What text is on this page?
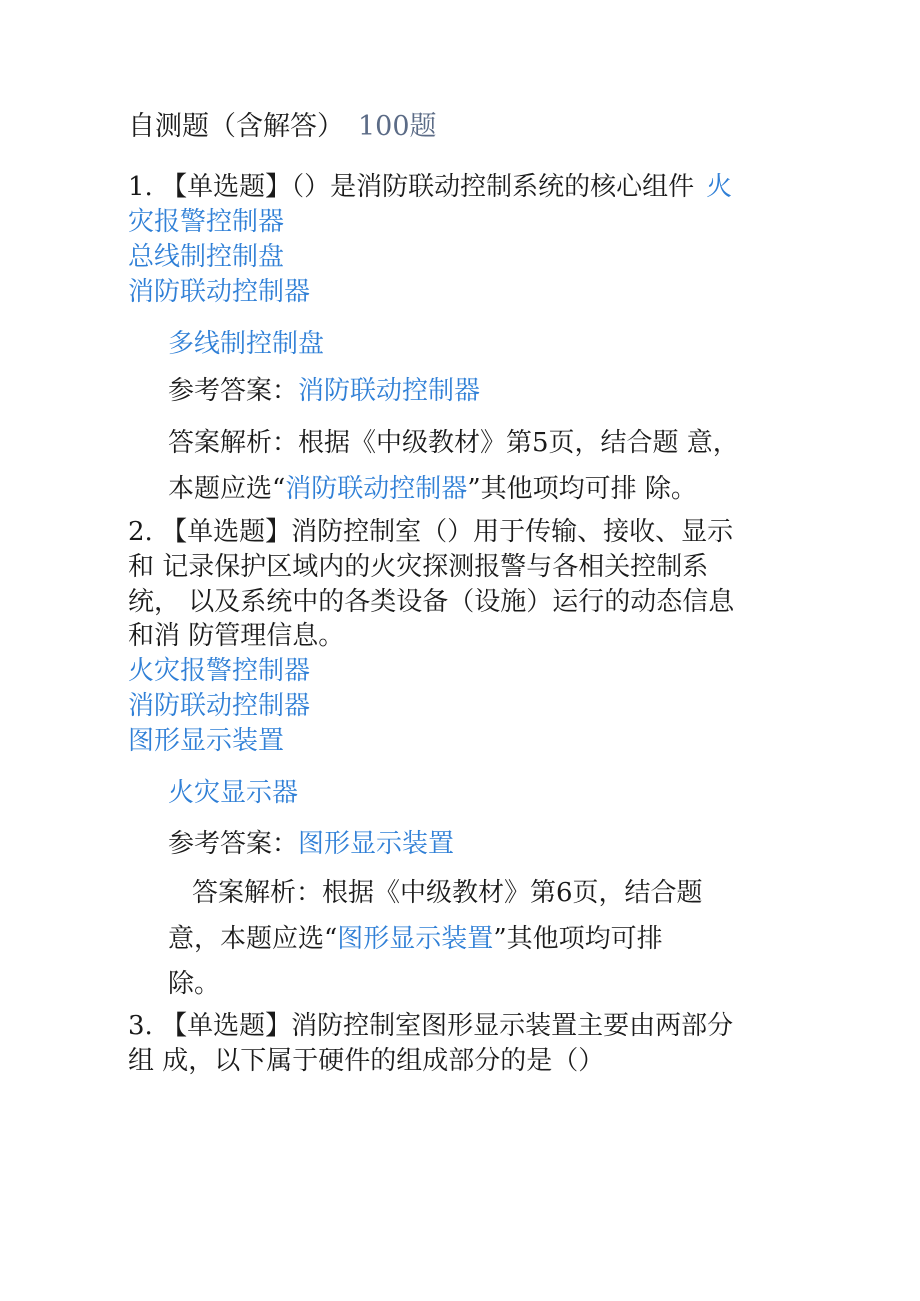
自测题（含解答） 100题
1. 【单选题】（）是消防联动控制系统的核心组件 火
灾报警控制器
总线制控制盘
消防联动控制器
多线制控制盘
参考答案：消防联动控制器
答案解析：根据《中级教材》第5页，结合题 意，
本题应选“消防联动控制器”其他项均可排 除。
2. 【单选题】消防控制室（）用于传输、接收、显示
和 记录保护区域内的火灾探测报警与各相关控制系
统， 以及系统中的各类设备（设施）运行的动态信息
和消 防管理信息。
火灾报警控制器
消防联动控制器
图形显示装置
火灾显示器
参考答案：图形显示装置
答案解析：根据《中级教材》第6页，结合题
意，本题应选“图形显示装置”其他项均可排
除。
3. 【单选题】消防控制室图形显示装置主要由两部分
组 成，以下属于硬件的组成部分的是（）
